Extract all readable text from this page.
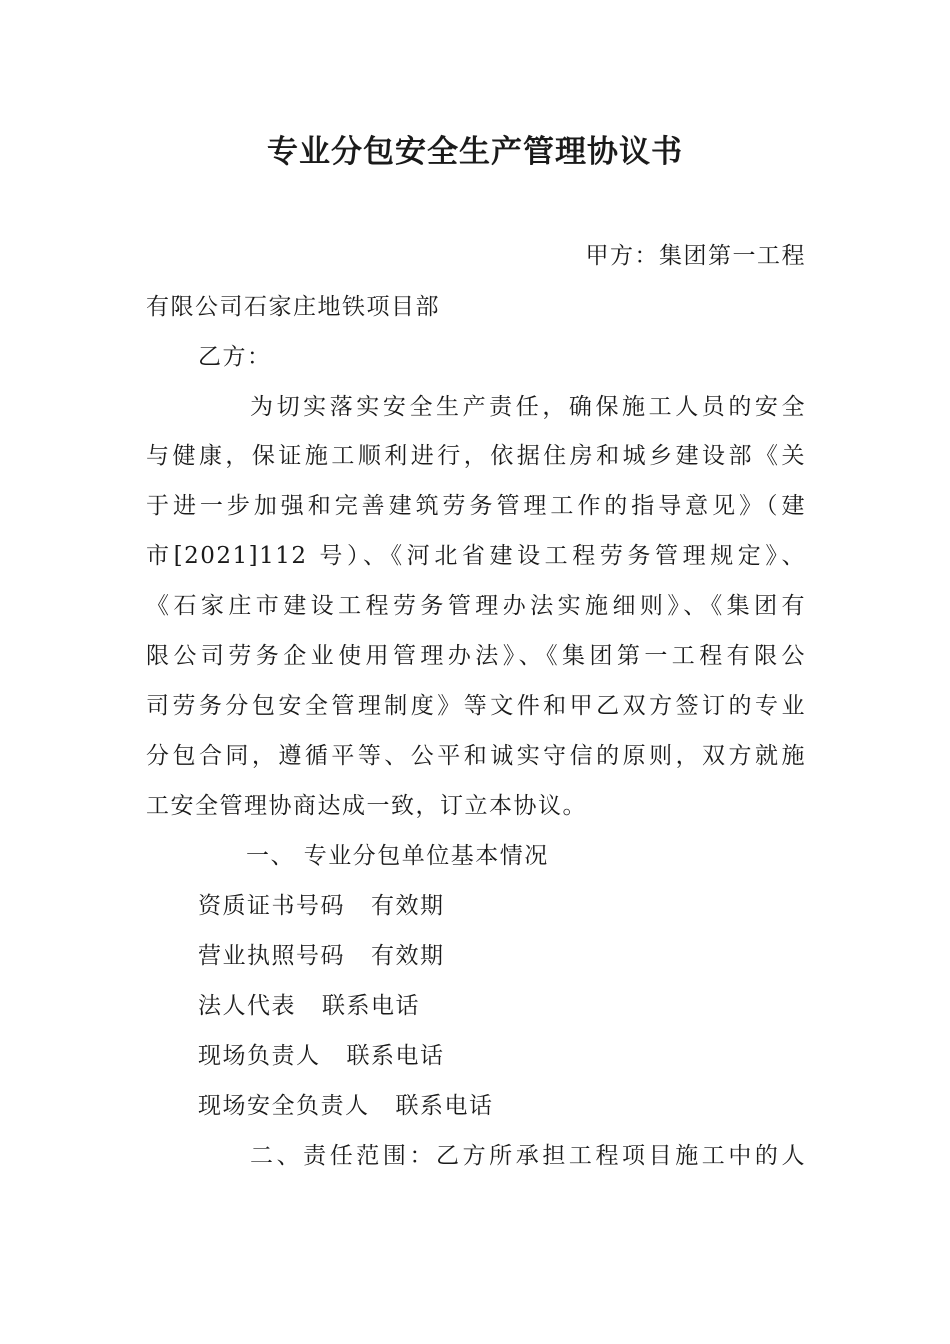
专业分包安全生产管理协议书

甲方：集团第一工程

有限公司石家庄地铁项目部

乙方：

为切实落实安全生产责任，确保施工人员的安全

与健康，保证施工顺利进行，依据住房和城乡建设部《关

于进一步加强和完善建筑劳务管理工作的指导意见》（建

市[2021]112 号）、《河北省建设工程劳务管理规定》、

《石家庄市建设工程劳务管理办法实施细则》、《集团有

限公司劳务企业使用管理办法》、《集团第一工程有限公

司劳务分包安全管理制度》等文件和甲乙双方签订的专业

分包合同，遵循平等、公平和诚实守信的原则，双方就施

工安全管理协商达成一致，订立本协议。

一、 专业分包单位基本情况

资质证书号码 有效期

营业执照号码 有效期

法人代表 联系电话

现场负责人 联系电话

现场安全负责人 联系电话

二、责任范围：乙方所承担工程项目施工中的人
